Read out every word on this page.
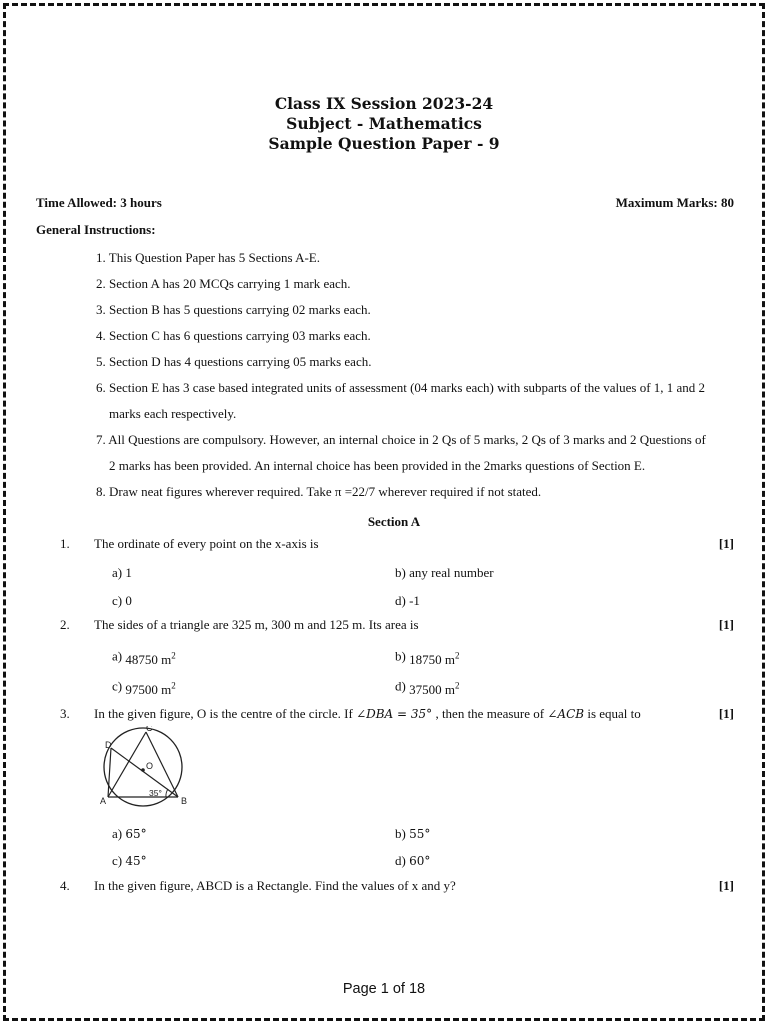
Class IX Session 2023-24
Subject - Mathematics
Sample Question Paper - 9
Time Allowed: 3 hours	Maximum Marks: 80
General Instructions:
1. This Question Paper has 5 Sections A-E.
2. Section A has 20 MCQs carrying 1 mark each.
3. Section B has 5 questions carrying 02 marks each.
4. Section C has 6 questions carrying 03 marks each.
5. Section D has 4 questions carrying 05 marks each.
6. Section E has 3 case based integrated units of assessment (04 marks each) with subparts of the values of 1, 1 and 2
marks each respectively.
7. All Questions are compulsory. However, an internal choice in 2 Qs of 5 marks, 2 Qs of 3 marks and 2 Questions of
2 marks has been provided. An internal choice has been provided in the 2marks questions of Section E.
8. Draw neat figures wherever required. Take π =22/7 wherever required if not stated.
Section A
1. The ordinate of every point on the x-axis is	[1]
a) 1	b) any real number
c) 0	d) -1
2. The sides of a triangle are 325 m, 300 m and 125 m. Its area is	[1]
a) 48750 $m^2$	b) 18750 $m^2$
c) 97500 $m^2$	d) 37500 $m^2$
3. In the given figure, O is the centre of the circle. If ∠DBA = 35° , then the measure of ∠ACB is equal to	[1]
C
D
O
A	B
35°
a) 65°	b) 55°
c) 45°	d) 60°
4. In the given figure, ABCD is a Rectangle. Find the values of x and y?	[1]
Page 1 of 18
